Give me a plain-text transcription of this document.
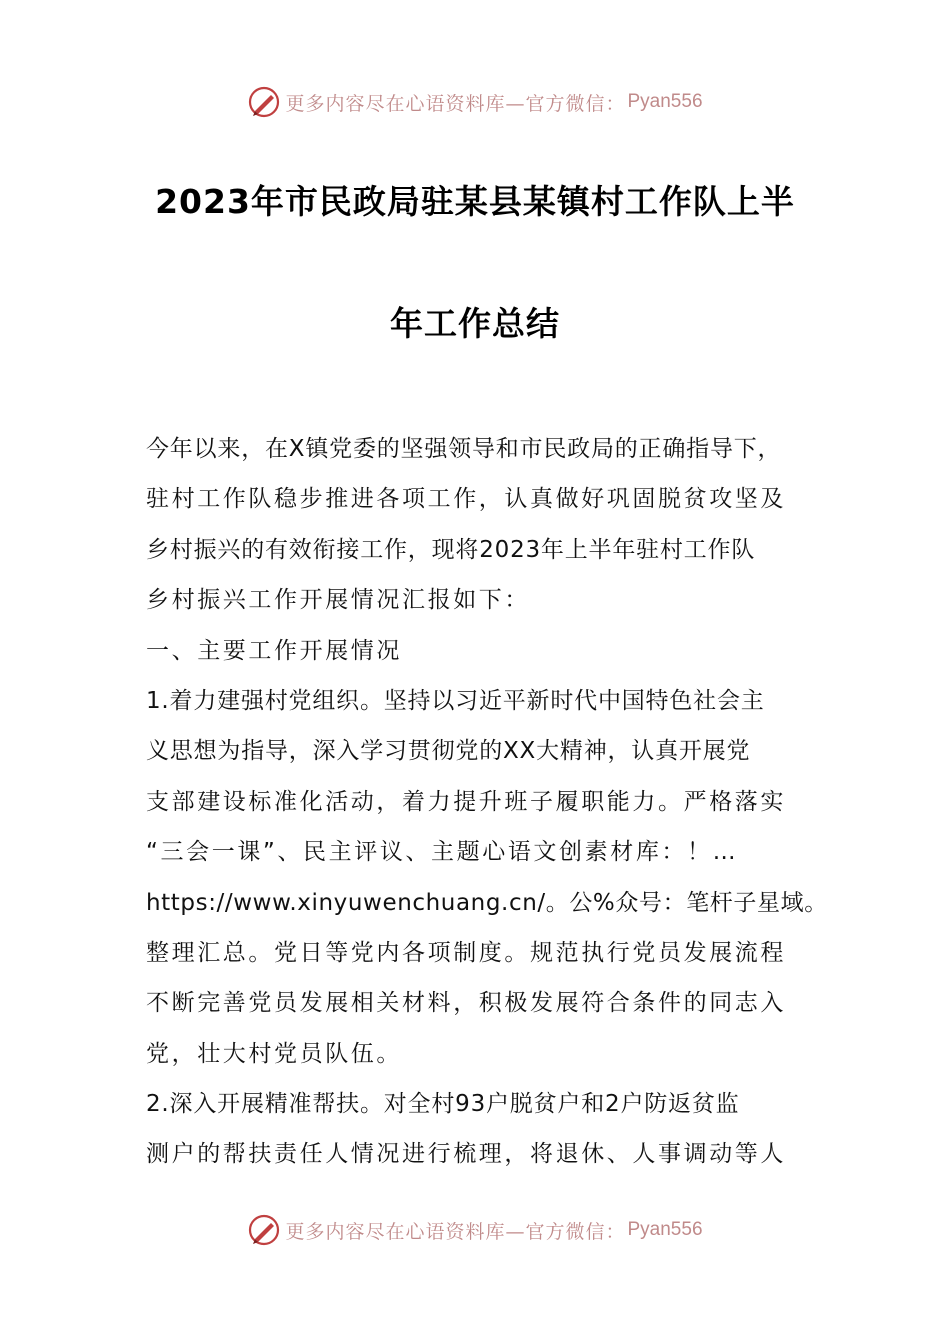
更多内容尽在心语资料库—官方微信： Pyan556
2023年市民政局驻某县某镇村工作队上半
年工作总结
今年以来，在X镇党委的坚强领导和市民政局的正确指导下，
驻村工作队稳步推进各项工作，认真做好巩固脱贫攻坚及
乡村振兴的有效衔接工作，现将2023年上半年驻村工作队
乡村振兴工作开展情况汇报如下：
一、主要工作开展情况
1.着力建强村党组织。坚持以习近平新时代中国特色社会主
义思想为指导，深入学习贯彻党的XX大精神，认真开展党
支部建设标准化活动，着力提升班子履职能力。严格落实
“三会一课”、民主评议、主题心语文创素材库：！…
https://www.xinyuwenchuang.cn/。公%众号：笔杆子星域。
整理汇总。党日等党内各项制度。规范执行党员发展流程
不断完善党员发展相关材料，积极发展符合条件的同志入
党，壮大村党员队伍。
2.深入开展精准帮扶。对全村93户脱贫户和2户防返贫监
测户的帮扶责任人情况进行梳理，将退休、人事调动等人
更多内容尽在心语资料库—官方微信： Pyan556
